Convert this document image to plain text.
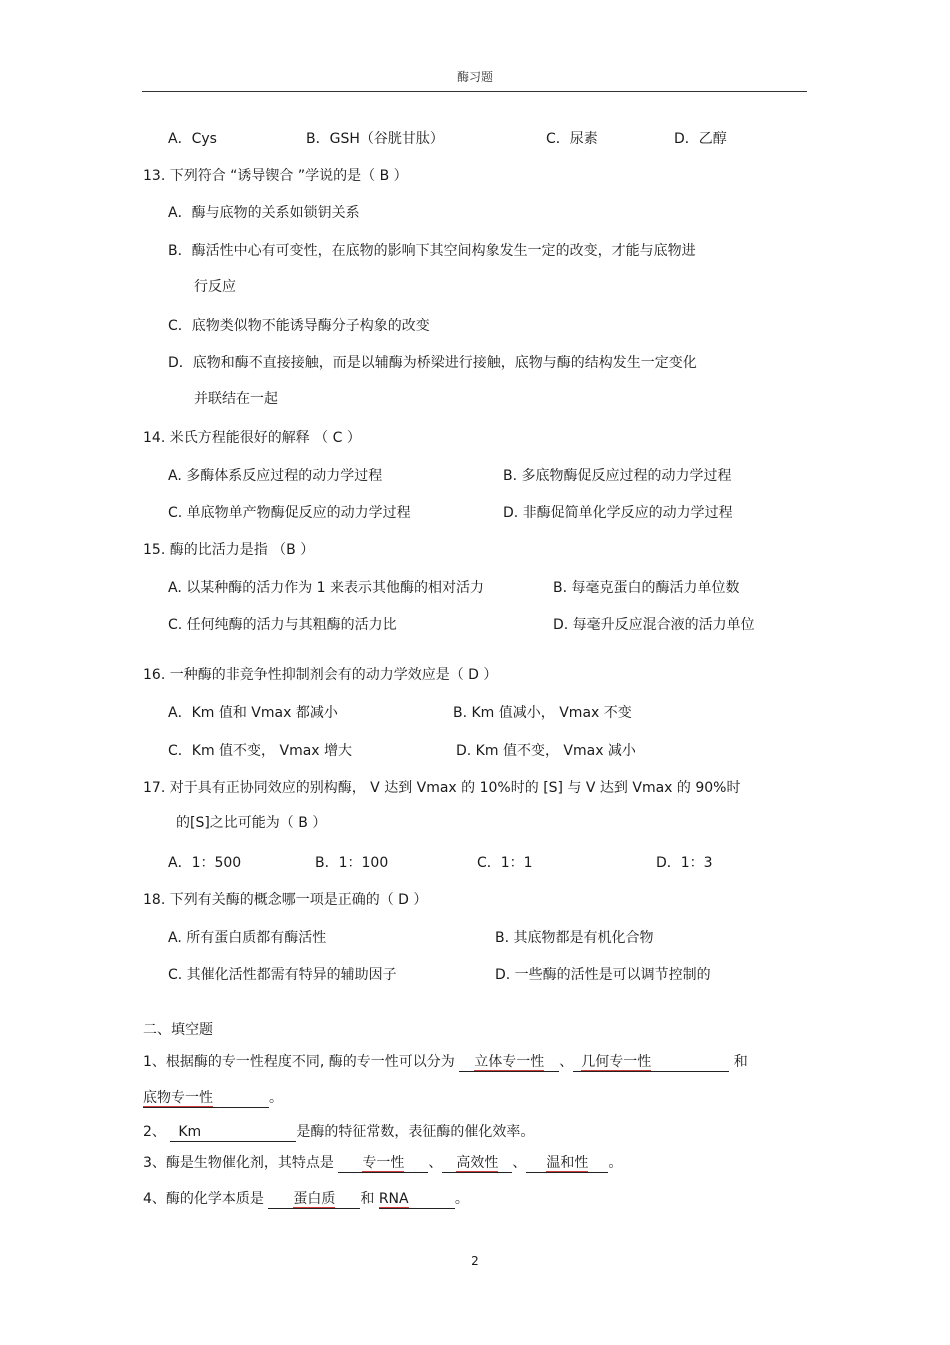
酶习题
A．Cys	B．GSH（谷胱甘肽）	C．尿素	D．乙醇
13. 下列符合 “诱导锲合 ”学说的是（ B ）
A．酶与底物的关系如锁钥关系
B．酶活性中心有可变性，在底物的影响下其空间构象发生一定的改变，才能与底物进
行反应
C．底物类似物不能诱导酶分子构象的改变
D．底物和酶不直接接触，而是以辅酶为桥梁进行接触，底物与酶的结构发生一定变化
并联结在一起
14. 米氏方程能很好的解释 （ C ）
A. 多酶体系反应过程的动力学过程	B. 多底物酶促反应过程的动力学过程
C. 单底物单产物酶促反应的动力学过程	D. 非酶促简单化学反应的动力学过程
15. 酶的比活力是指 （B ）
A. 以某种酶的活力作为 1 来表示其他酶的相对活力	B. 每毫克蛋白的酶活力单位数
C. 任何纯酶的活力与其粗酶的活力比	D. 每毫升反应混合液的活力单位
16. 一种酶的非竞争性抑制剂会有的动力学效应是（ D ）
A．Km 值和 Vmax 都减小	B. Km 值减小， Vmax 不变
C．Km 值不变， Vmax 增大	D. Km 值不变， Vmax 减小
17. 对于具有正协同效应的别构酶， V 达到 Vmax 的 10%时的 [S] 与 V 达到 Vmax 的 90%时
的[S]之比可能为（ B ）
A．1：500	B．1：100	C．1：1	D．1：3
18. 下列有关酶的概念哪一项是正确的（ D ）
A. 所有蛋白质都有酶活性	B. 其底物都是有机化合物
C. 其催化活性都需有特异的辅助因子	D. 一些酶的活性是可以调节控制的
二、填空题
1、根据酶的专一性程度不同, 酶的专一性可以分为 立体专一性 、 几何专一性	和
底物专一性	。
2、 Km	是酶的特征常数，表征酶的催化效率。
3、酶是生物催化剂，其特点是 专一性 、 高效性 、 温和性 。
4、酶的化学本质是 蛋白质 和 RNA	。
2
